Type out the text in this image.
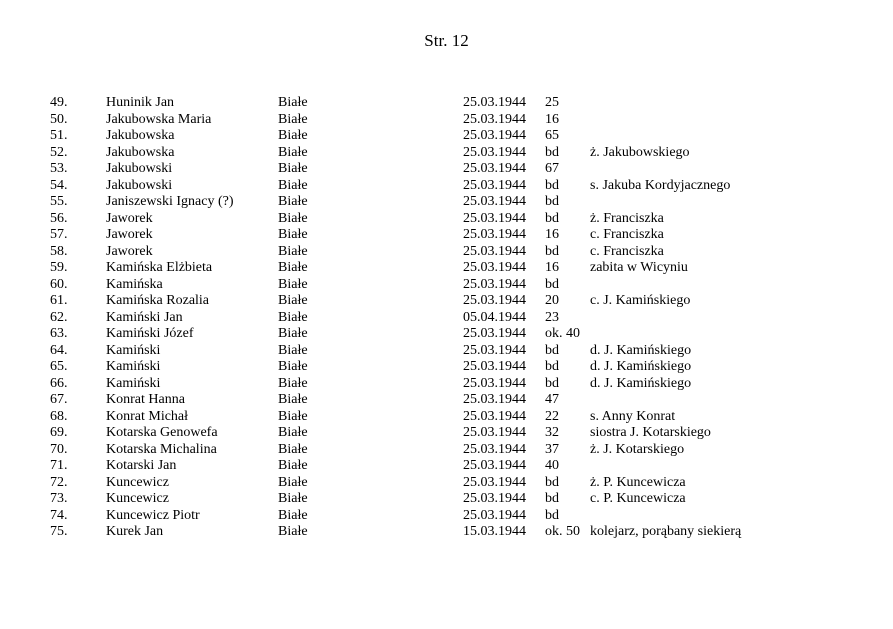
Str. 12
49.	Huninik Jan	Białe	25.03.1944 25
50.	Jakubowska Maria	Białe	25.03.1944 16
51.	Jakubowska	Białe	25.03.1944 65
52.	Jakubowska	Białe	25.03.1944 bd ż. Jakubowskiego
53.	Jakubowski	Białe	25.03.1944 67
54.	Jakubowski	Białe	25.03.1944 bd s. Jakuba Kordyjacznego
55.	Janiszewski Ignacy (?)	Białe	25.03.1944 bd
56.	Jaworek	Białe	25.03.1944 bd ż. Franciszka
57.	Jaworek	Białe	25.03.1944 16 c. Franciszka
58.	Jaworek	Białe	25.03.1944 bd c. Franciszka
59.	Kamińska Elżbieta	Białe	25.03.1944 16 zabita w Wicyniu
60.	Kamińska	Białe	25.03.1944 bd
61.	Kamińska Rozalia	Białe	25.03.1944 20 c. J. Kamińskiego
62.	Kamiński Jan	Białe	05.04.1944 23
63.	Kamiński Józef	Białe	25.03.1944 ok. 40
64.	Kamiński	Białe	25.03.1944 bd d. J. Kamińskiego
65.	Kamiński	Białe	25.03.1944 bd d. J. Kamińskiego
66.	Kamiński	Białe	25.03.1944 bd d. J. Kamińskiego
67.	Konrat Hanna	Białe	25.03.1944 47
68.	Konrat Michał	Białe	25.03.1944 22 s. Anny Konrat
69.	Kotarska Genowefa	Białe	25.03.1944 32 siostra J. Kotarskiego
70.	Kotarska Michalina	Białe	25.03.1944 37 ż. J. Kotarskiego
71.	Kotarski Jan	Białe	25.03.1944 40
72.	Kuncewicz	Białe	25.03.1944 bd ż. P. Kuncewicza
73.	Kuncewicz	Białe	25.03.1944 bd c. P. Kuncewicza
74.	Kuncewicz Piotr	Białe	25.03.1944 bd
75.	Kurek Jan	Białe	15.03.1944 ok. 50 kolejarz, porąbany siekierą
